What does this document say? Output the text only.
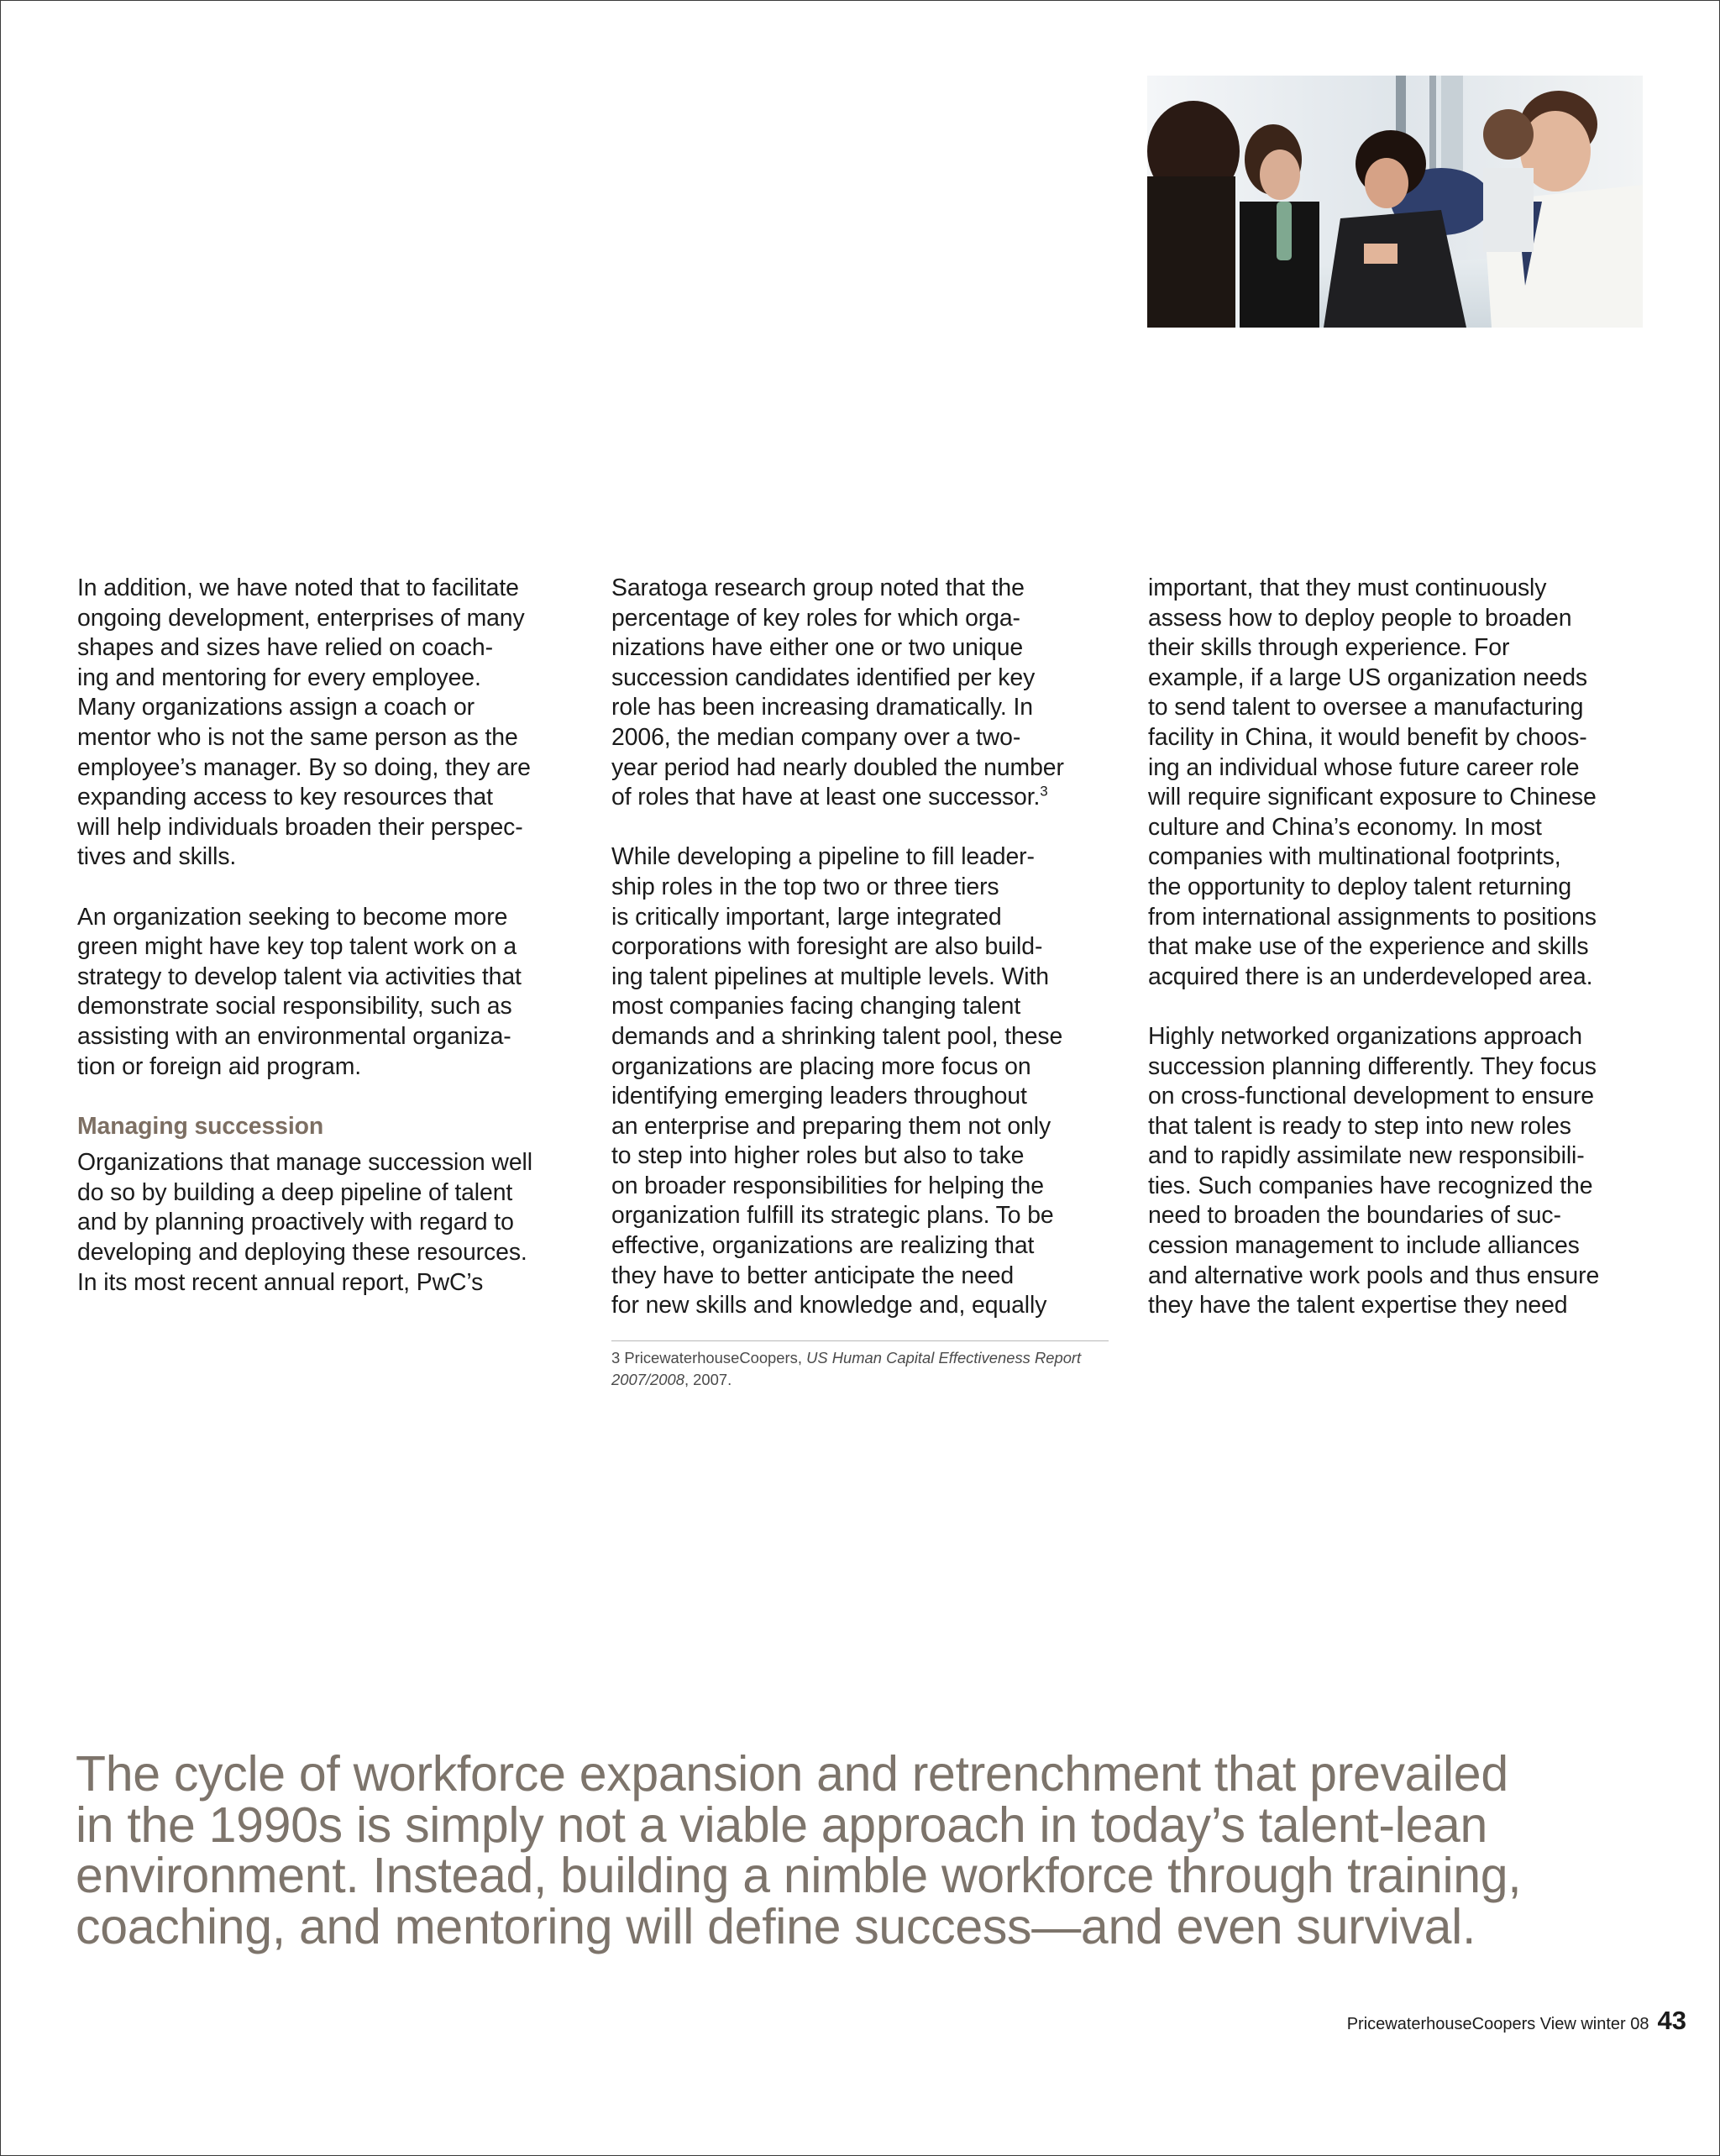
In addition, we have noted that to facilitate
ongoing development, enterprises of many
shapes and sizes have relied on coach-
ing and mentoring for every employee.
Many organizations assign a coach or
mentor who is not the same person as the
employee’s manager. By so doing, they are
expanding access to key resources that
will help individuals broaden their perspec-
tives and skills.

An organization seeking to become more
green might have key top talent work on a
strategy to develop talent via activities that
demonstrate social responsibility, such as
assisting with an environmental organiza-
tion or foreign aid program.

Managing succession

Organizations that manage succession well
do so by building a deep pipeline of talent
and by planning proactively with regard to
developing and deploying these resources.
In its most recent annual report, PwC’s

Saratoga research group noted that the
percentage of key roles for which orga-
nizations have either one or two unique
succession candidates identified per key
role has been increasing dramatically. In
2006, the median company over a two-
year period had nearly doubled the number
of roles that have at least one successor.$^3$

While developing a pipeline to fill leader-
ship roles in the top two or three tiers
is critically important, large integrated
corporations with foresight are also build-
ing talent pipelines at multiple levels. With
most companies facing changing talent
demands and a shrinking talent pool, these
organizations are placing more focus on
identifying emerging leaders throughout
an enterprise and preparing them not only
to step into higher roles but also to take
on broader responsibilities for helping the
organization fulfill its strategic plans. To be
effective, organizations are realizing that
they have to better anticipate the need
for new skills and knowledge and, equally

important, that they must continuously
assess how to deploy people to broaden
their skills through experience. For
example, if a large US organization needs
to send talent to oversee a manufacturing
facility in China, it would benefit by choos-
ing an individual whose future career role
will require significant exposure to Chinese
culture and China’s economy. In most
companies with multinational footprints,
the opportunity to deploy talent returning
from international assignments to positions
that make use of the experience and skills
acquired there is an underdeveloped area.

Highly networked organizations approach
succession planning differently. They focus
on cross-functional development to ensure
that talent is ready to step into new roles
and to rapidly assimilate new responsibili-
ties. Such companies have recognized the
need to broaden the boundaries of suc-
cession management to include alliances
and alternative work pools and thus ensure
they have the talent expertise they need

3 PricewaterhouseCoopers, US Human Capital Effectiveness Report 2007/2008, 2007.
The cycle of workforce expansion and retrenchment that prevailed
in the 1990s is simply not a viable approach in today’s talent-lean
environment. Instead, building a nimble workforce through training,
coaching, and mentoring will define success—and even survival.
PricewaterhouseCoopers View winter 08 43
